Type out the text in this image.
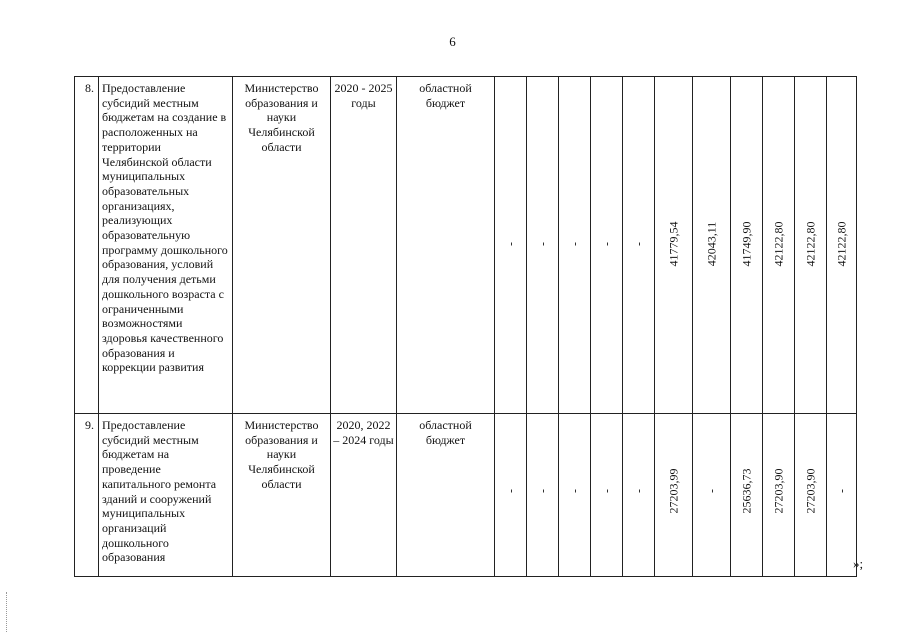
6
8.	Предоставление субсидий местным бюджетам на создание в расположенных на территории Челябинской области муниципальных образовательных организациях, реализующих образовательную программу дошкольного образования, условий для получения детьми дошкольного возраста с ограниченными возможностями здоровья качественного образования и коррекции развития	Министерство образования и науки Челябинской области	2020 - 2025 годы	областной бюджет	-	-	-	-	-	41779,54	42043,11	41749,90	42122,80	42122,80	42122,80

9.	Предоставление субсидий местным бюджетам на проведение капитального ремонта зданий и сооружений муниципальных организаций дошкольного образования	Министерство образования и науки Челябинской области	2020, 2022 – 2024 годы	областной бюджет	-	-	-	-	-	27203,99	-	25636,73	27203,90	27203,90	-
»;
